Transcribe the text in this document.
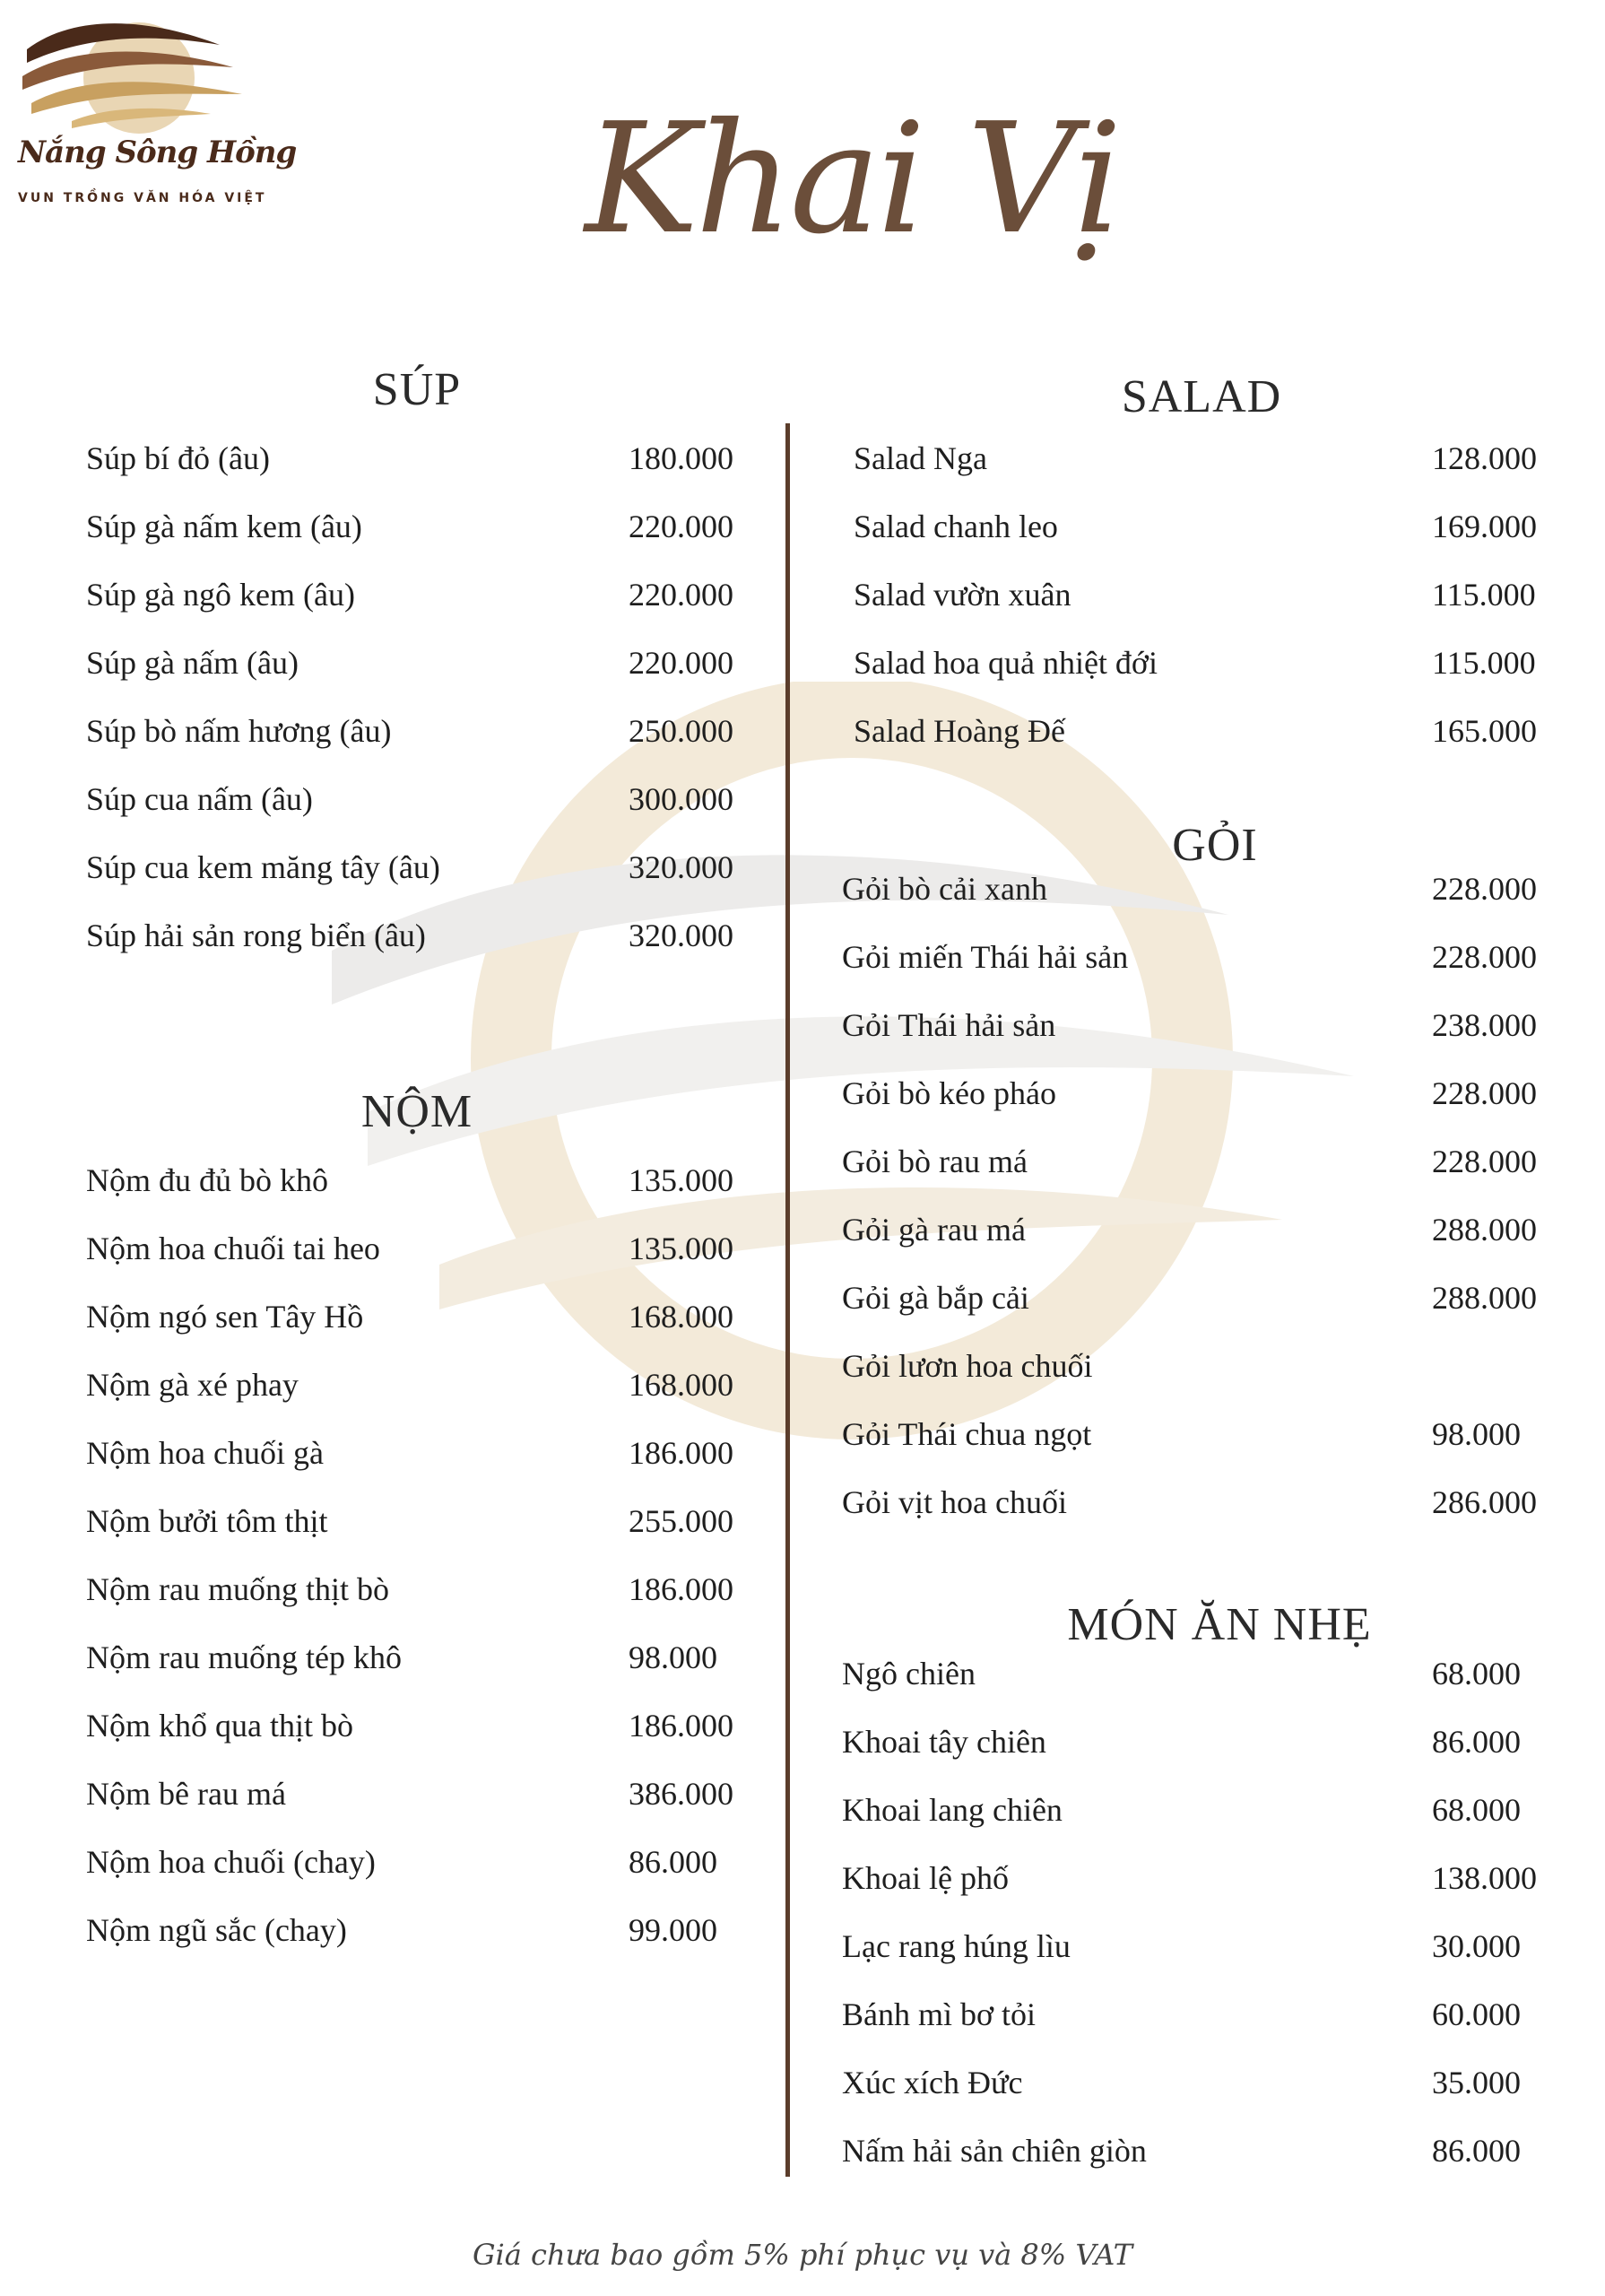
Nắng Sông Hồng
VUN TRỒNG VĂN HÓA VIỆT Khai Vị
SÚP
Súp bí đỏ (âu)	180.000
Súp gà nấm kem (âu)	220.000
Súp gà ngô kem (âu)	220.000
Súp gà nấm (âu)	220.000
Súp bò nấm hương (âu)	250.000
Súp cua nấm (âu)	300.000
Súp cua kem măng tây (âu)	320.000
Súp hải sản rong biển (âu)	320.000
NỘM
Nộm đu đủ bò khô	135.000
Nộm hoa chuối tai heo	135.000
Nộm ngó sen Tây Hồ	168.000
Nộm gà xé phay	168.000
Nộm hoa chuối gà	186.000
Nộm bưởi tôm thịt	255.000
Nộm rau muống thịt bò	186.000
Nộm rau muống tép khô	98.000
Nộm khổ qua thịt bò	186.000
Nộm bê rau má	386.000
Nộm hoa chuối (chay)	86.000
Nộm ngũ sắc (chay)	99.000
SALAD
Salad Nga	128.000
Salad chanh leo	169.000
Salad vườn xuân	115.000
Salad hoa quả nhiệt đới	115.000
Salad Hoàng Đế	165.000
GỎI
Gỏi bò cải xanh	228.000
Gỏi miến Thái hải sản	228.000
Gỏi Thái hải sản	238.000
Gỏi bò kéo pháo	228.000
Gỏi bò rau má	228.000
Gỏi gà rau má	288.000
Gỏi gà bắp cải	288.000
Gỏi lươn hoa chuối
Gỏi Thái chua ngọt	98.000
Gỏi vịt hoa chuối	286.000
MÓN ĂN NHẸ
Ngô chiên	68.000
Khoai tây chiên	86.000
Khoai lang chiên	68.000
Khoai lệ phố	138.000
Lạc rang húng lìu	30.000
Bánh mì bơ tỏi	60.000
Xúc xích Đức	35.000
Nấm hải sản chiên giòn	86.000
Giá chưa bao gồm 5% phí phục vụ và 8% VAT
